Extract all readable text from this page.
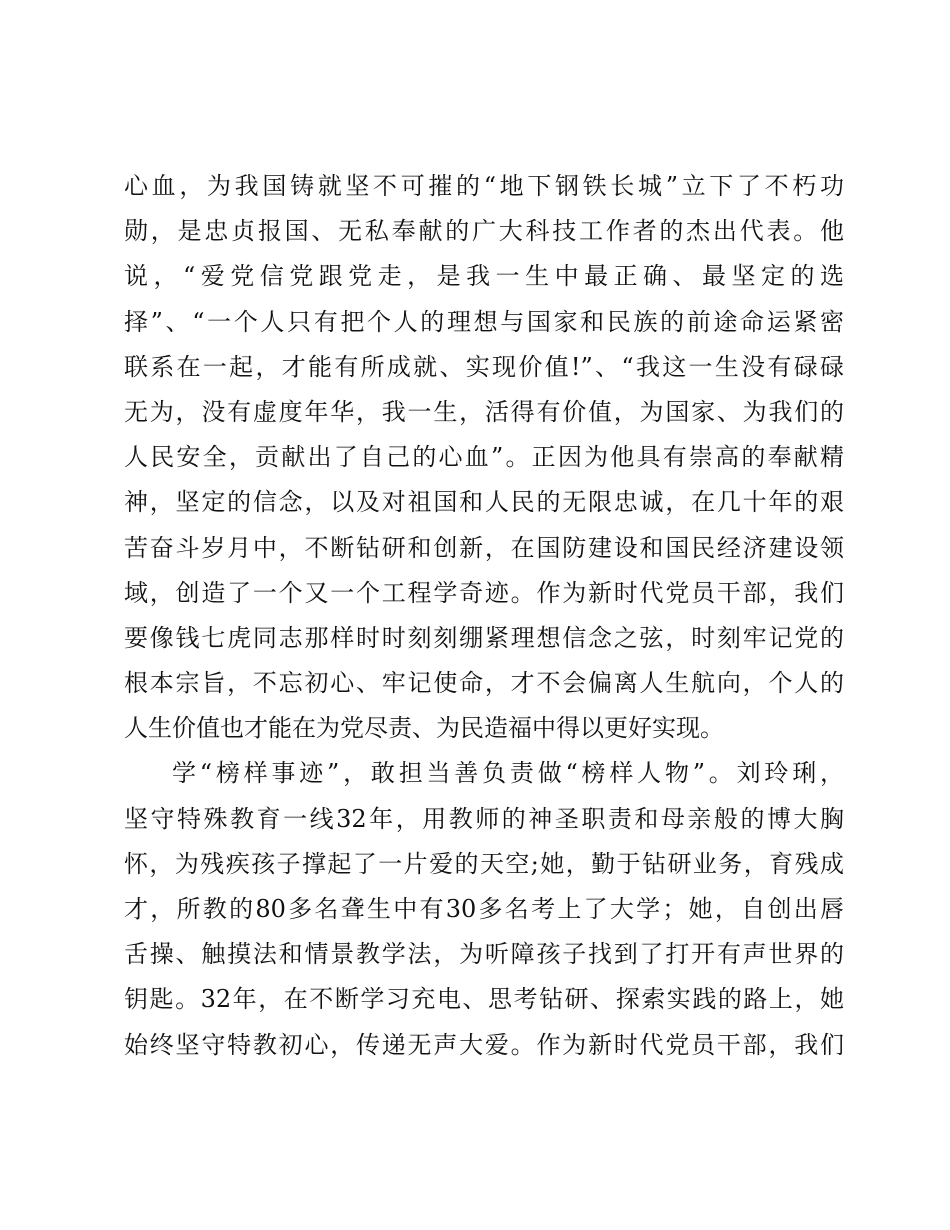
心血，为我国铸就坚不可摧的“地下钢铁长城”立下了不朽功
勋，是忠贞报国、无私奉献的广大科技工作者的杰出代表。他
说，“爱党信党跟党走，是我一生中最正确、最坚定的选
择”、“一个人只有把个人的理想与国家和民族的前途命运紧密
联系在一起，才能有所成就、实现价值!”、“我这一生没有碌碌
无为，没有虚度年华，我一生，活得有价值，为国家、为我们的
人民安全，贡献出了自己的心血”。正因为他具有崇高的奉献精
神，坚定的信念，以及对祖国和人民的无限忠诚，在几十年的艰
苦奋斗岁月中，不断钻研和创新，在国防建设和国民经济建设领
域，创造了一个又一个工程学奇迹。作为新时代党员干部，我们
要像钱七虎同志那样时时刻刻绷紧理想信念之弦，时刻牢记党的
根本宗旨，不忘初心、牢记使命，才不会偏离人生航向，个人的
人生价值也才能在为党尽责、为民造福中得以更好实现。
学“榜样事迹”，敢担当善负责做“榜样人物”。刘玲琍，
坚守特殊教育一线32年，用教师的神圣职责和母亲般的博大胸
怀，为残疾孩子撑起了一片爱的天空;她，勤于钻研业务，育残成
才，所教的80多名聋生中有30多名考上了大学；她，自创出唇
舌操、触摸法和情景教学法，为听障孩子找到了打开有声世界的
钥匙。32年，在不断学习充电、思考钻研、探索实践的路上，她
始终坚守特教初心，传递无声大爱。作为新时代党员干部，我们
